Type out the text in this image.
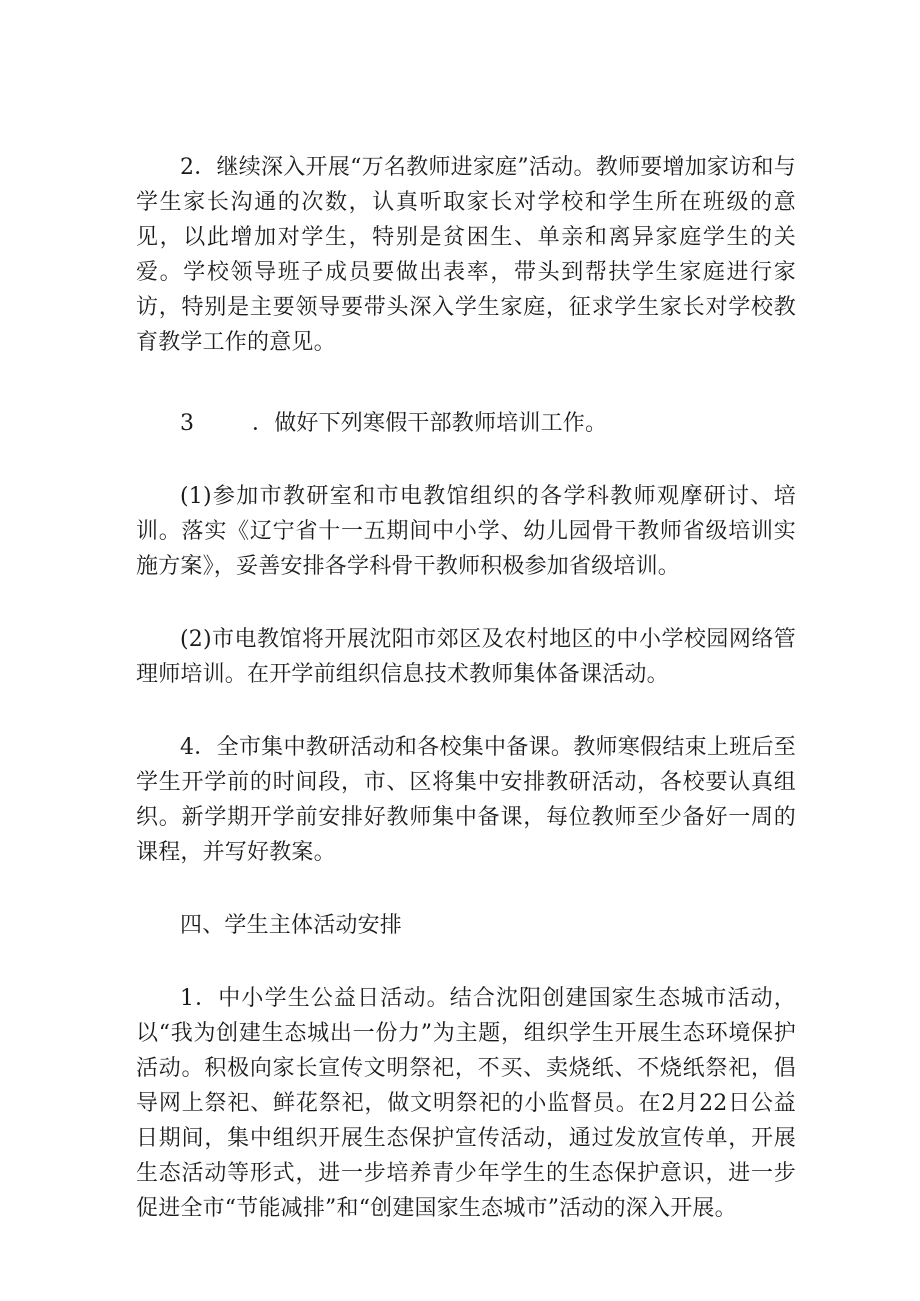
2．继续深入开展“万名教师进家庭”活动。教师要增加家访和与学生家长沟通的次数，认真听取家长对学校和学生所在班级的意见，以此增加对学生，特别是贫困生、单亲和离异家庭学生的关爱。学校领导班子成员要做出表率，带头到帮扶学生家庭进行家访，特别是主要领导要带头深入学生家庭，征求学生家长对学校教育教学工作的意见。

3	．做好下列寒假干部教师培训工作。

(1)参加市教研室和市电教馆组织的各学科教师观摩研讨、培训。落实《辽宁省十一五期间中小学、幼儿园骨干教师省级培训实施方案》，妥善安排各学科骨干教师积极参加省级培训。

(2)市电教馆将开展沈阳市郊区及农村地区的中小学校园网络管理师培训。在开学前组织信息技术教师集体备课活动。

4．全市集中教研活动和各校集中备课。教师寒假结束上班后至学生开学前的时间段，市、区将集中安排教研活动，各校要认真组织。新学期开学前安排好教师集中备课，每位教师至少备好一周的课程，并写好教案。

四、学生主体活动安排

1．中小学生公益日活动。结合沈阳创建国家生态城市活动，以“我为创建生态城出一份力”为主题，组织学生开展生态环境保护活动。积极向家长宣传文明祭祀，不买、卖烧纸、不烧纸祭祀，倡导网上祭祀、鲜花祭祀，做文明祭祀的小监督员。在2月22日公益日期间，集中组织开展生态保护宣传活动，通过发放宣传单，开展生态活动等形式，进一步培养青少年学生的生态保护意识，进一步促进全市“节能减排”和“创建国家生态城市”活动的深入开展。
